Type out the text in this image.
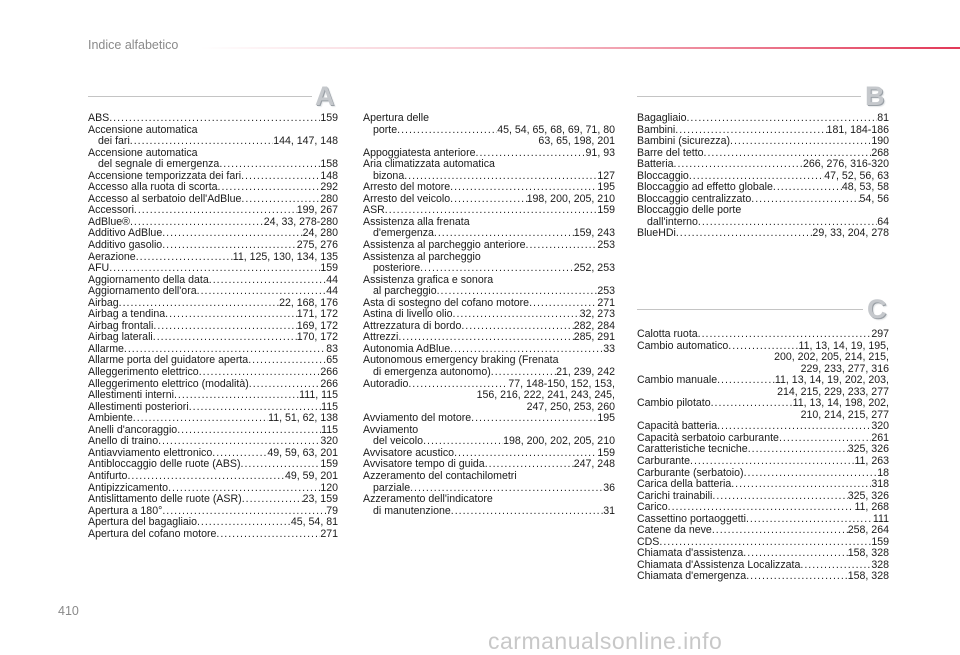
Indice alfabetico
A	B
C
ABS .....	159
Accensione automatica
dei fari .....	144, 147, 148
Accensione automatica
del segnale di emergenza .....	158
Accensione temporizzata dei fari .....	148
Accesso alla ruota di scorta .....	292
Accesso al serbatoio dell'AdBlue .....	280
Accessori .....	199, 267
AdBlue® .....	24, 33, 278-280
Additivo AdBlue .....	24, 280
Additivo gasolio .....	275, 276
Aerazione .....	11, 125, 130, 134, 135
AFU .....	159
Aggiornamento della data .....	44
Aggiornamento dell'ora .....	44
Airbag .....	22, 168, 176
Airbag a tendina .....	171, 172
Airbag frontali .....	169, 172
Airbag laterali .....	170, 172
Allarme .....	83
Allarme porta del guidatore aperta .....	65
Alleggerimento elettrico .....	266
Alleggerimento elettrico (modalità) .....	266
Allestimenti interni .....	111, 115
Allestimenti posteriori .....	115
Ambiente .....	11, 51, 62, 138
Anelli d'ancoraggio .....	115
Anello di traino .....	320
Antiavviamento elettronico .....	49, 59, 63, 201
Antibloccaggio delle ruote (ABS) .....	159
Antifurto .....	49, 59, 201
Antipizzicamento .....	120
Antislittamento delle ruote (ASR) .....	23, 159
Apertura a 180° .....	79
Apertura del bagagliaio .....	45, 54, 81
Apertura del cofano motore .....	271
Apertura delle
porte .....	45, 54, 65, 68, 69, 71, 80
63, 65, 198, 201
Appoggiatesta anteriore .....	91, 93
Aria climatizzata automatica
bizona .....	127
Arresto del motore .....	195
Arresto del veicolo .....	198, 200, 205, 210
ASR .....	159
Assistenza alla frenata
d'emergenza .....	159, 243
Assistenza al parcheggio anteriore .....	253
Assistenza al parcheggio
posteriore .....	252, 253
Assistenza grafica e sonora
al parcheggio .....	253
Asta di sostegno del cofano motore .....	271
Astina di livello olio .....	32, 273
Attrezzatura di bordo .....	282, 284
Attrezzi .....	285, 291
Autonomia AdBlue .....	33
Autonomous emergency braking (Frenata
di emergenza autonomo) .....	21, 239, 242
Autoradio .....	77, 148-150, 152, 153,
156, 216, 222, 241, 243, 245,
247, 250, 253, 260
Avviamento del motore .....	195
Avviamento
del veicolo .....	198, 200, 202, 205, 210
Avvisatore acustico .....	159
Avvisatore tempo di guida .....	247, 248
Azzeramento del contachilometri
parziale .....	36
Azzeramento dell'indicatore
di manutenzione .....	31
Bagagliaio .....	81
Bambini .....	181, 184-186
Bambini (sicurezza) .....	190
Barre del tetto .....	268
Batteria .....	266, 276, 316-320
Bloccaggio .....	47, 52, 56, 63
Bloccaggio ad effetto globale .....	48, 53, 58
Bloccaggio centralizzato .....	54, 56
Bloccaggio delle porte
dall'interno .....	64
BlueHDi .....	29, 33, 204, 278
Calotta ruota .....	297
Cambio automatico .....	11, 13, 14, 19, 195,
200, 202, 205, 214, 215,
229, 233, 277, 316
Cambio manuale .....	11, 13, 14, 19, 202, 203,
214, 215, 229, 233, 277
Cambio pilotato .....	11, 13, 14, 198, 202,
210, 214, 215, 277
Capacità batteria .....	320
Capacità serbatoio carburante .....	261
Caratteristiche tecniche .....	325, 326
Carburante .....	11, 263
Carburante (serbatoio) .....	18
Carica della batteria .....	318
Carichi trainabili .....	325, 326
Carico .....	11, 268
Cassettino portaoggetti .....	111
Catene da neve .....	258, 264
CDS .....	159
Chiamata d'assistenza .....	158, 328
Chiamata d'Assistenza Localizzata .....	328
Chiamata d'emergenza .....	158, 328
410
carmanualsonline.info
